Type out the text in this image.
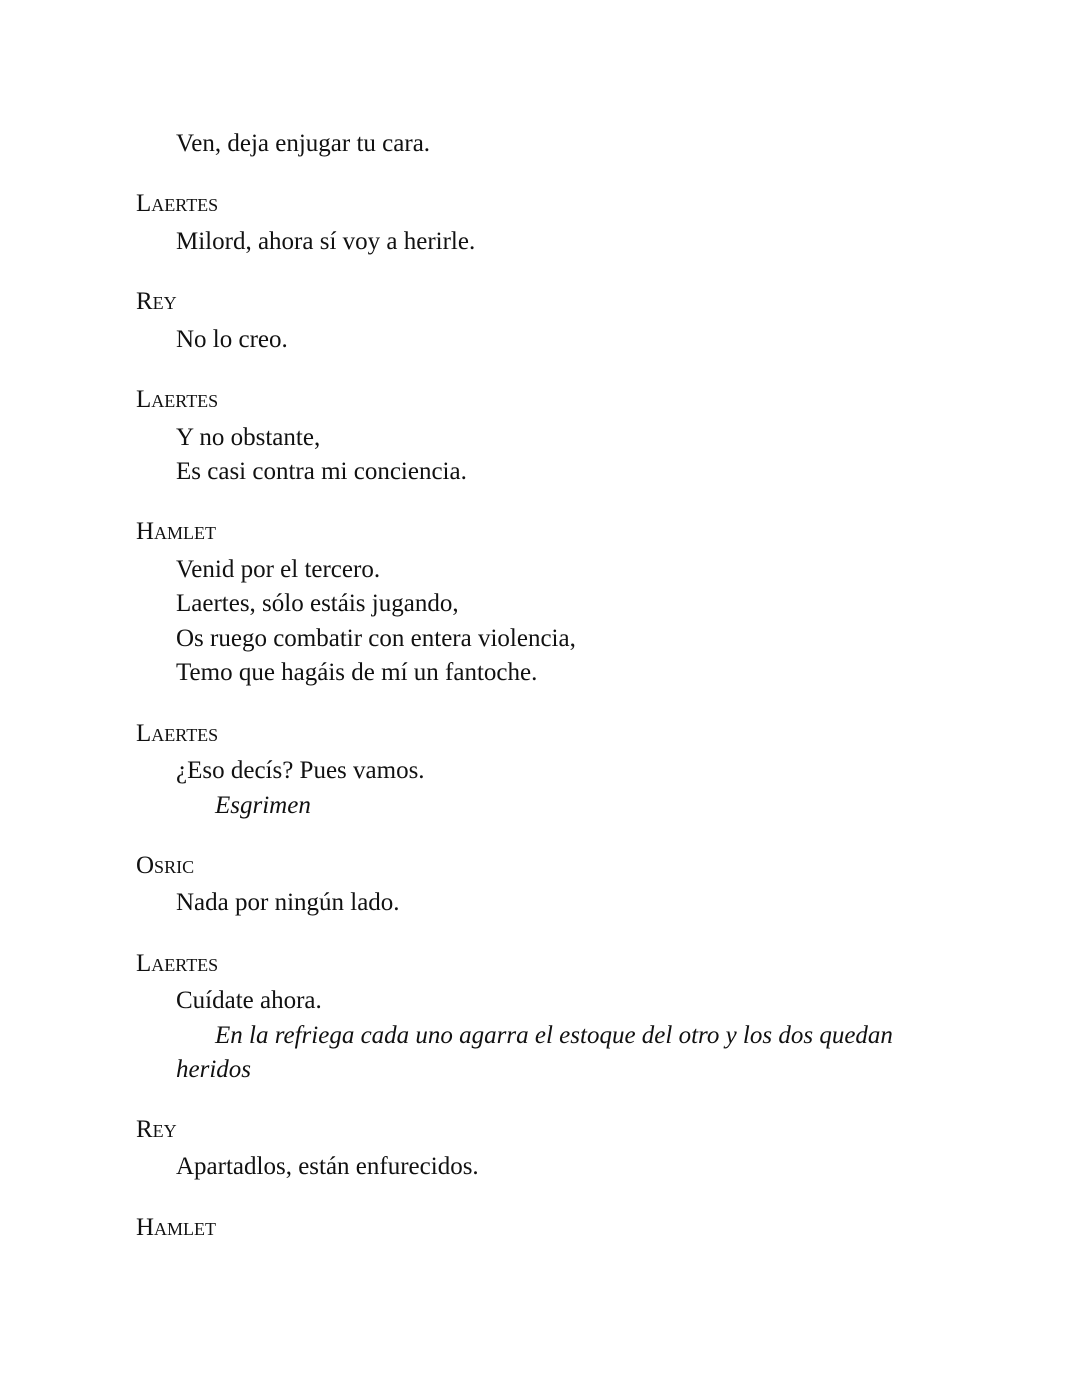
Ven, deja enjugar tu cara.
Laertes
Milord, ahora sí voy a herirle.
Rey
No lo creo.
Laertes
Y no obstante,
Es casi contra mi conciencia.
Hamlet
Venid por el tercero.
Laertes, sólo estáis jugando,
Os ruego combatir con entera violencia,
Temo que hagáis de mí un fantoche.
Laertes
¿Eso decís? Pues vamos.
Esgrimen
Osric
Nada por ningún lado.
Laertes
Cuídate ahora.
En la refriega cada uno agarra el estoque del otro y los dos quedan
heridos
Rey
Apartadlos, están enfurecidos.
Hamlet
